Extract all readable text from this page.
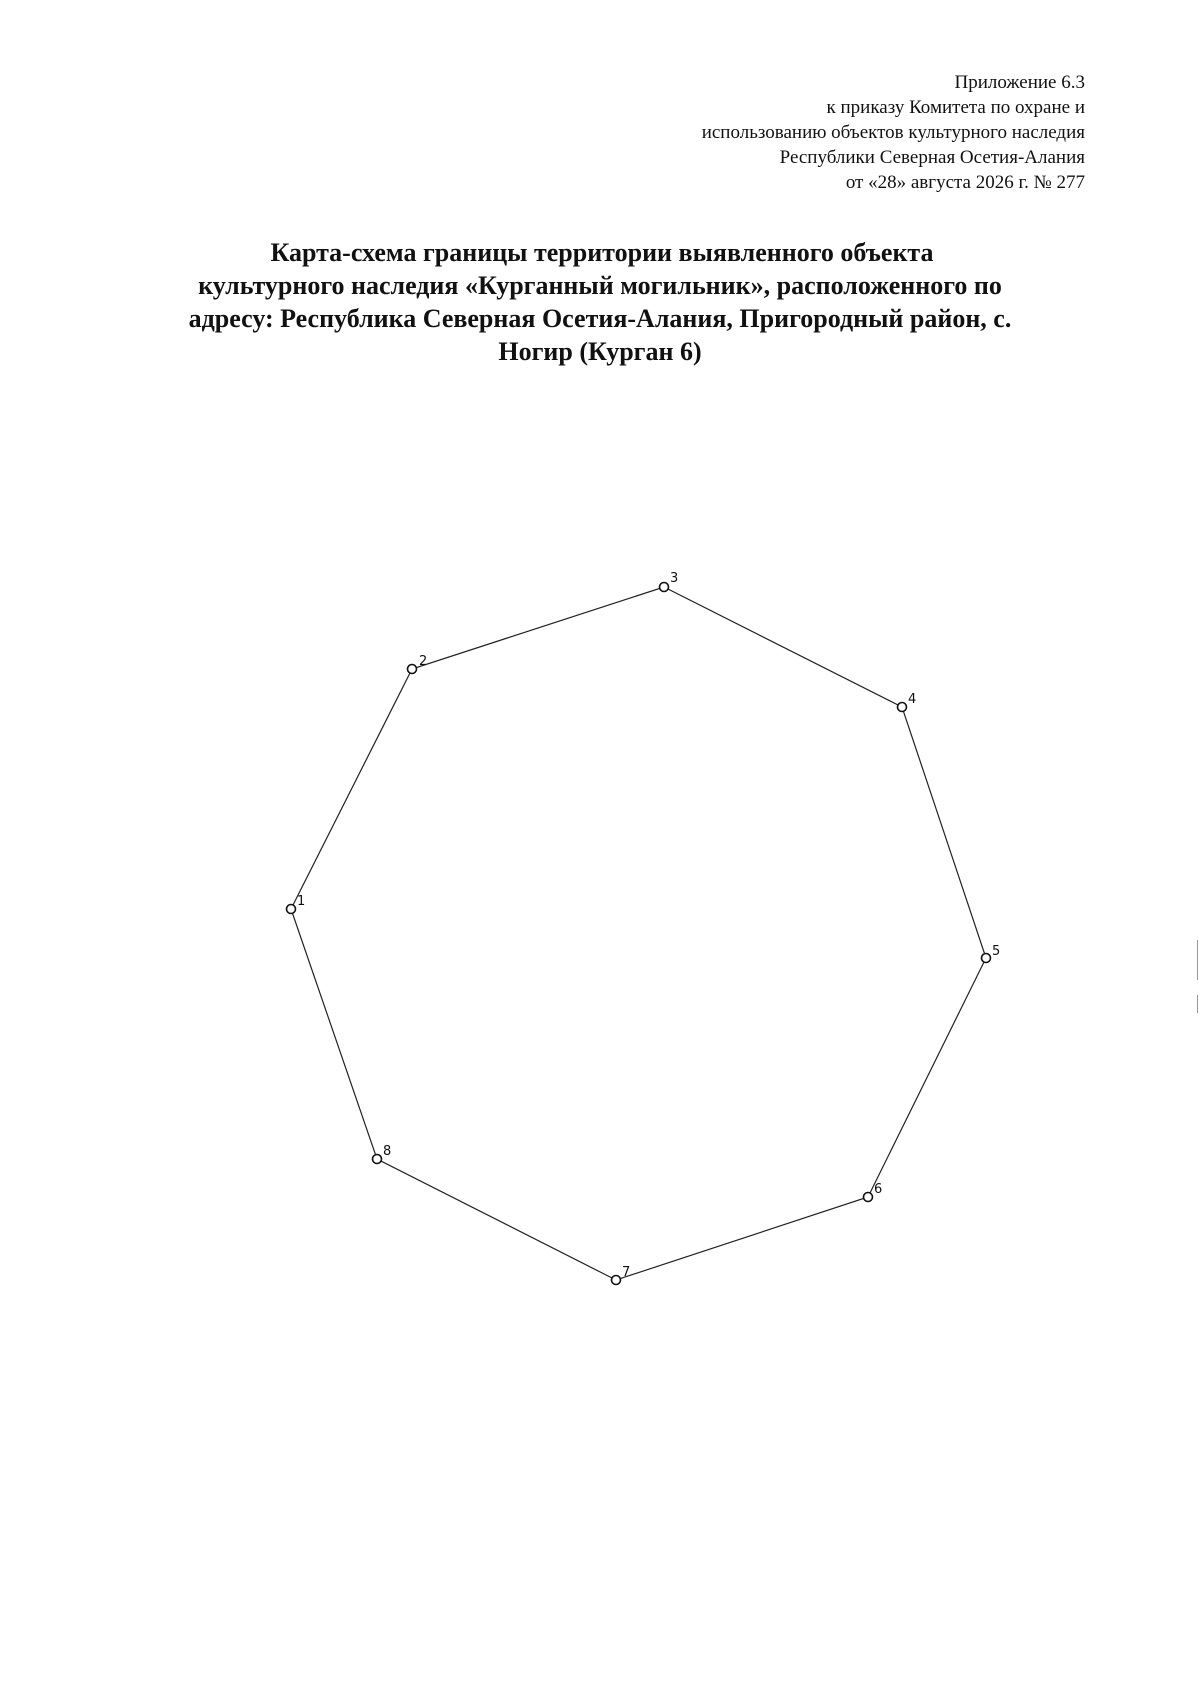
Приложение 6.3
к приказу Комитета по охране и
использованию объектов культурного наследия
Республики Северная Осетия-Алания
от «28» августа 2026 г. № 277
Карта-схема границы территории выявленного объекта
культурного наследия «Курганный могильник», расположенного по
адресу: Республика Северная Осетия-Алания, Пригородный район, с.
Ногир (Курган 6)
1
2
3
4
5
6
7
8
